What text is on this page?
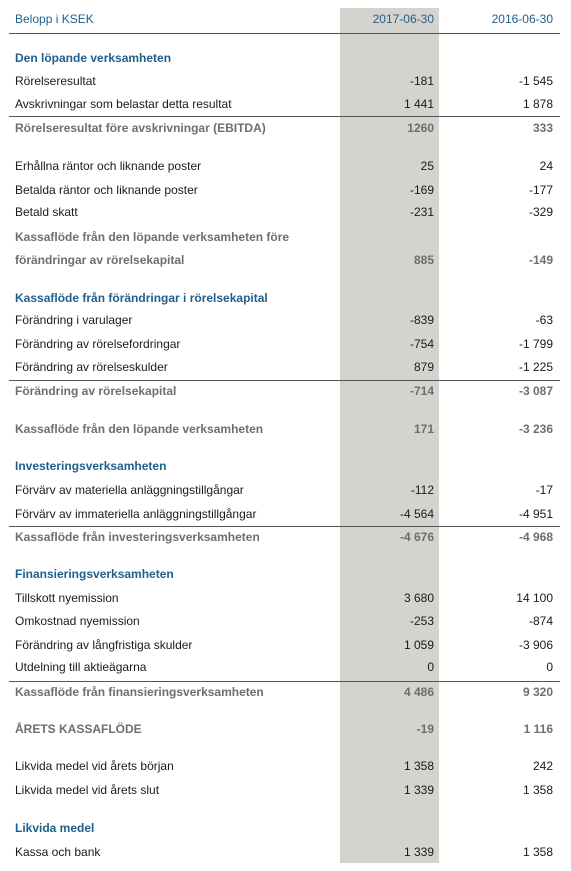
Belopp i KSEK	2017-06-30	2016-06-30
Den löpande verksamheten
Rörelseresultat	-181	-1 545
Avskrivningar som belastar detta resultat	1 441	1 878
Rörelseresultat före avskrivningar (EBITDA)	1260	333
Erhållna räntor och liknande poster	25	24
Betalda räntor och liknande poster	-169	-177
Betald skatt	-231	-329
Kassaflöde från den löpande verksamheten före
förändringar av rörelsekapital	885	-149
Kassaflöde från förändringar i rörelsekapital
Förändring i varulager	-839	-63
Förändring av rörelsefordringar	-754	-1 799
Förändring av rörelseskulder	879	-1 225
Förändring av rörelsekapital	-714	-3 087
Kassaflöde från den löpande verksamheten	171	-3 236
Investeringsverksamheten
Förvärv av materiella anläggningstillgångar	-112	-17
Förvärv av immateriella anläggningstillgångar	-4 564	-4 951
Kassaflöde från investeringsverksamheten	-4 676	-4 968
Finansieringsverksamheten
Tillskott nyemission	3 680	14 100
Omkostnad nyemission	-253	-874
Förändring av långfristiga skulder	1 059	-3 906
Utdelning till aktieägarna	0	0
Kassaflöde från finansieringsverksamheten	4 486	9 320
ÅRETS KASSAFLÖDE	-19	1 116
Likvida medel vid årets början	1 358	242
Likvida medel vid årets slut	1 339	1 358
Likvida medel
Kassa och bank	1 339	1 358
